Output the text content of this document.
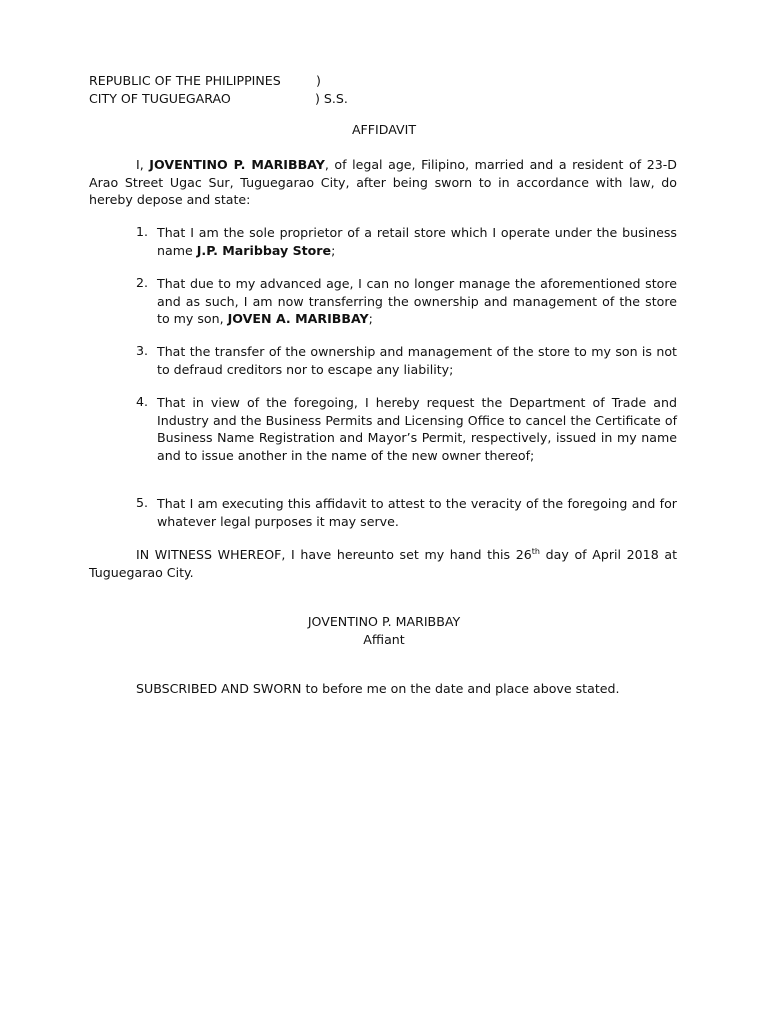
REPUBLIC OF THE PHILIPPINES	)
CITY OF TUGUEGARAO	) S.S.
AFFIDAVIT

I, JOVENTINO P. MARIBBAY, of legal age, Filipino, married and a resident of 23-D Arao Street Ugac Sur, Tuguegarao City, after being sworn to in accordance with law, do hereby depose and state:

1. That I am the sole proprietor of a retail store which I operate under the business name J.P. Maribbay Store;

2. That due to my advanced age, I can no longer manage the aforementioned store and as such, I am now transferring the ownership and management of the store to my son, JOVEN A. MARIBBAY;

3. That the transfer of the ownership and management of the store to my son is not to defraud creditors nor to escape any liability;

4. That in view of the foregoing, I hereby request the Department of Trade and Industry and the Business Permits and Licensing Office to cancel the Certificate of Business Name Registration and Mayor’s Permit, respectively, issued in my name and to issue another in the name of the new owner thereof;

5. That I am executing this affidavit to attest to the veracity of the foregoing and for whatever legal purposes it may serve.

IN WITNESS WHEREOF, I have hereunto set my hand this 26th day of April 2018 at Tuguegarao City.

JOVENTINO P. MARIBBAY
Affiant
SUBSCRIBED AND SWORN to before me on the date and place above stated.
